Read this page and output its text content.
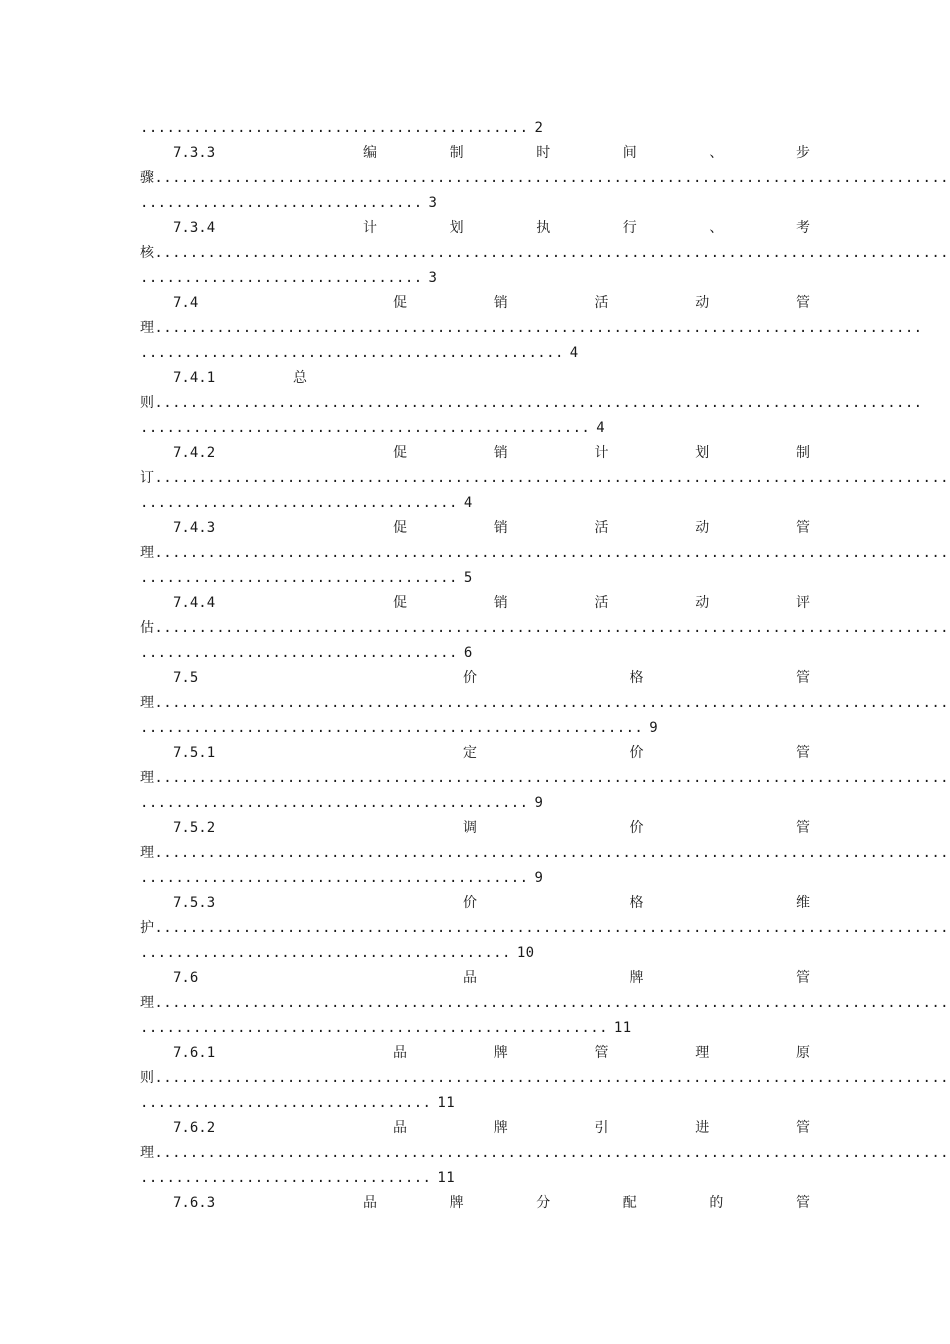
............................................ 2
7.3.3	编	制	时	间	、	步
骤..........................................................................................
................................ 3
7.3.4	计	划	执	行	、	考
核..........................................................................................
................................ 3
7.4	促	销	活	动	管
理.......................................................................................
................................................ 4
7.4.1	总
则.......................................................................................
................................................... 4
7.4.2	促	销	计	划	制
订..........................................................................................
.................................... 4
7.4.3	促	销	活	动	管
理..........................................................................................
.................................... 5
7.4.4	促	销	活	动	评
估..........................................................................................
.................................... 6
7.5	价	格	管
理..........................................................................................
......................................................... 9
7.5.1	定	价	管
理..........................................................................................
............................................ 9
7.5.2	调	价	管
理..........................................................................................
............................................ 9
7.5.3	价	格	维
护..........................................................................................
.......................................... 10
7.6	品	牌	管
理..........................................................................................
..................................................... 11
7.6.1	品	牌	管	理	原
则..........................................................................................
................................. 11
7.6.2	品	牌	引	进	管
理..........................................................................................
................................. 11
7.6.3	品	牌	分	配	的	管
